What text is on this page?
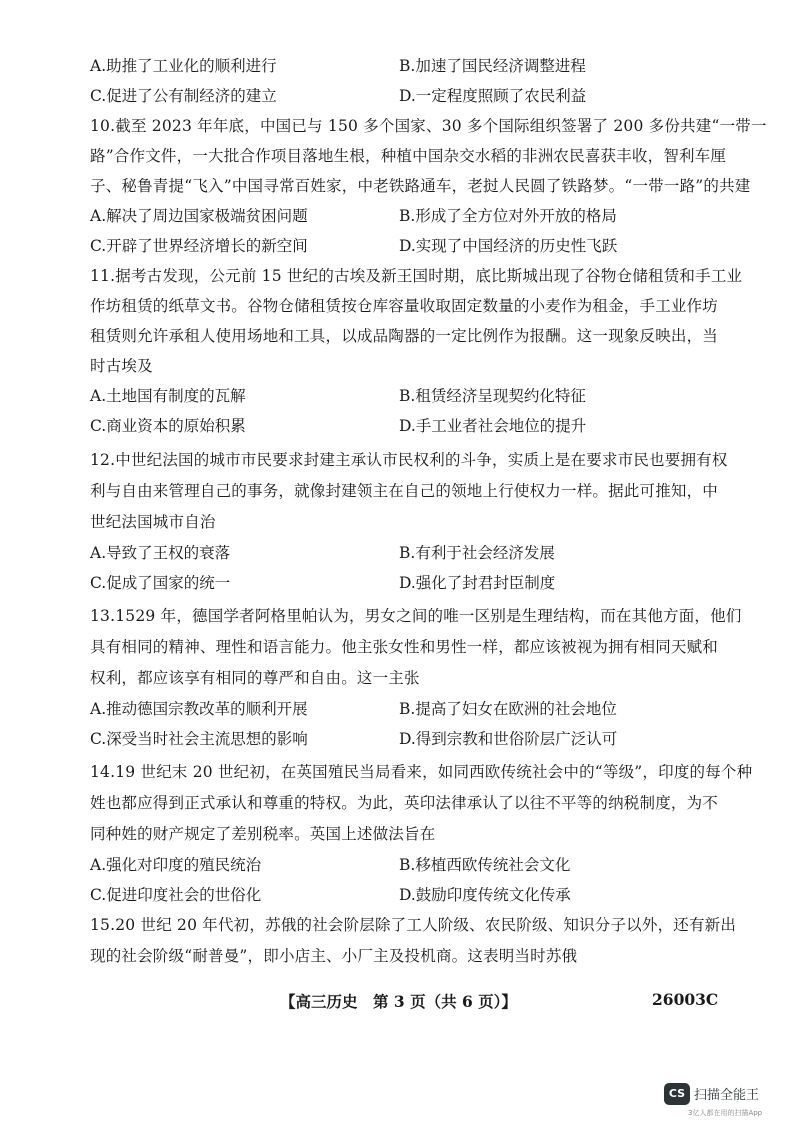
A.助推了工业化的顺利进行	B.加速了国民经济调整进程
C.促进了公有制经济的建立	D.一定程度照顾了农民利益
10.截至 2023 年年底，中国已与 150 多个国家、30 多个国际组织签署了 200 多份共建“一带一
路”合作文件，一大批合作项目落地生根，种植中国杂交水稻的非洲农民喜获丰收，智利车厘
子、秘鲁青提“飞入”中国寻常百姓家，中老铁路通车，老挝人民圆了铁路梦。“一带一路”的共建
A.解决了周边国家极端贫困问题	B.形成了全方位对外开放的格局
C.开辟了世界经济增长的新空间	D.实现了中国经济的历史性飞跃
11.据考古发现，公元前 15 世纪的古埃及新王国时期，底比斯城出现了谷物仓储租赁和手工业
作坊租赁的纸草文书。谷物仓储租赁按仓库容量收取固定数量的小麦作为租金，手工业作坊
租赁则允许承租人使用场地和工具，以成品陶器的一定比例作为报酬。这一现象反映出，当
时古埃及
A.土地国有制度的瓦解	B.租赁经济呈现契约化特征
C.商业资本的原始积累	D.手工业者社会地位的提升
12.中世纪法国的城市市民要求封建主承认市民权利的斗争，实质上是在要求市民也要拥有权
利与自由来管理自己的事务，就像封建领主在自己的领地上行使权力一样。据此可推知，中
世纪法国城市自治
A.导致了王权的衰落	B.有利于社会经济发展
C.促成了国家的统一	D.强化了封君封臣制度
13.1529 年，德国学者阿格里帕认为，男女之间的唯一区别是生理结构，而在其他方面，他们
具有相同的精神、理性和语言能力。他主张女性和男性一样，都应该被视为拥有相同天赋和
权利，都应该享有相同的尊严和自由。这一主张
A.推动德国宗教改革的顺利开展	B.提高了妇女在欧洲的社会地位
C.深受当时社会主流思想的影响	D.得到宗教和世俗阶层广泛认可
14.19 世纪末 20 世纪初，在英国殖民当局看来，如同西欧传统社会中的“等级”，印度的每个种
姓也都应得到正式承认和尊重的特权。为此，英印法律承认了以往不平等的纳税制度，为不
同种姓的财产规定了差别税率。英国上述做法旨在
A.强化对印度的殖民统治	B.移植西欧传统社会文化
C.促进印度社会的世俗化	D.鼓励印度传统文化传承
15.20 世纪 20 年代初，苏俄的社会阶层除了工人阶级、农民阶级、知识分子以外，还有新出
现的社会阶级“耐普曼”，即小店主、小厂主及投机商。这表明当时苏俄
【高三历史　第 3 页（共 6 页）】	26003C
CS 扫描全能王
3亿人都在用的扫描App
